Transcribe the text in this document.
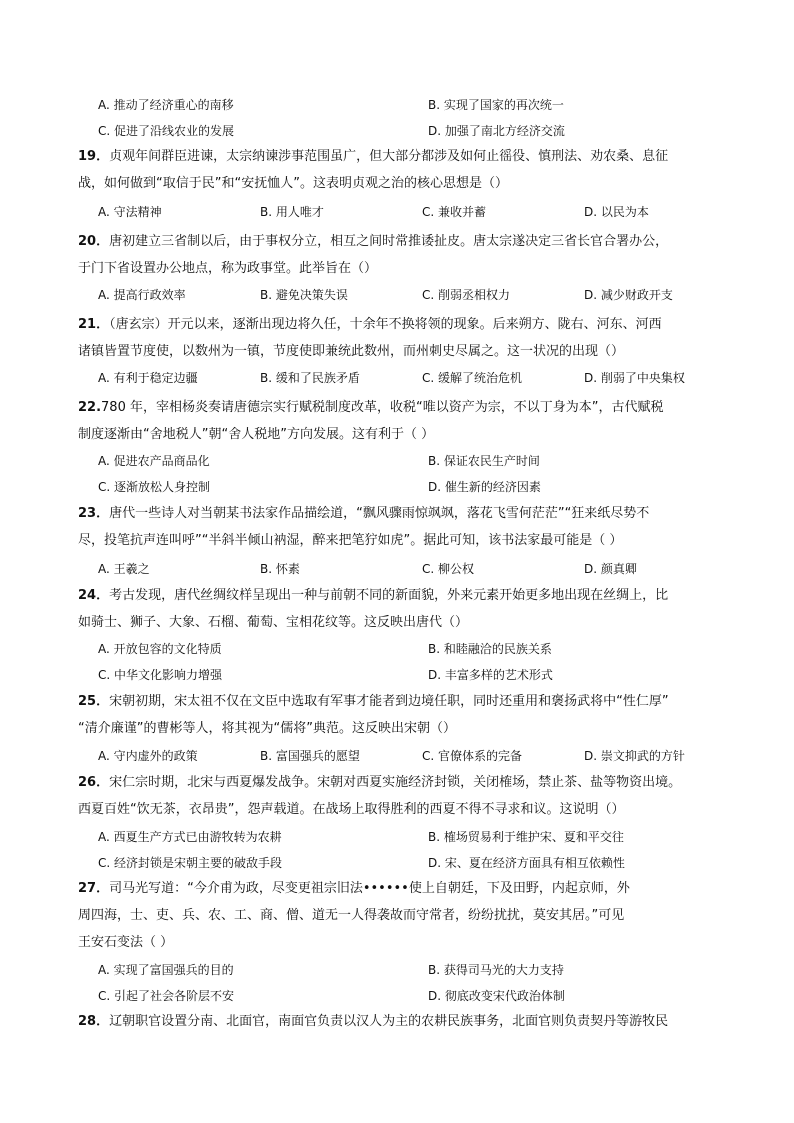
A. 推动了经济重心的南移	B. 实现了国家的再次统一
C. 促进了沿线农业的发展	D. 加强了南北方经济交流
19．贞观年间群臣进谏，太宗纳谏涉事范围虽广，但大部分都涉及如何止徭役、慎刑法、劝农桑、息征
战，如何做到“取信于民”和“安抚恤人”。这表明贞观之治的核心思想是（）
A. 守法精神	B. 用人唯才	C. 兼收并蓄	D. 以民为本
20．唐初建立三省制以后，由于事权分立，相互之间时常推诿扯皮。唐太宗遂决定三省长官合署办公，
于门下省设置办公地点，称为政事堂。此举旨在（）
A. 提高行政效率	B. 避免决策失误	C. 削弱丞相权力	D. 减少财政开支
21．（唐玄宗）开元以来，逐渐出现边将久任，十余年不换将领的现象。后来朔方、陇右、河东、河西
诸镇皆置节度使，以数州为一镇，节度使即兼统此数州，而州刺史尽属之。这一状况的出现（）
A. 有利于稳定边疆	B. 缓和了民族矛盾	C. 缓解了统治危机	D. 削弱了中央集权
22.780 年，宰相杨炎奏请唐德宗实行赋税制度改革，收税“唯以资产为宗，不以丁身为本”，古代赋税
制度逐渐由“舍地税人”朝“舍人税地”方向发展。这有利于（ ）
A. 促进农产品商品化	B. 保证农民生产时间
C. 逐渐放松人身控制	D. 催生新的经济因素
23．唐代一些诗人对当朝某书法家作品描绘道，“飘风骤雨惊飒飒，落花飞雪何茫茫”“狂来纸尽势不
尽，投笔抗声连叫呼”“半斜半倾山衲湿，醉来把笔狞如虎”。据此可知，该书法家最可能是（ ）
A. 王羲之	B. 怀素	C. 柳公权	D. 颜真卿
24．考古发现，唐代丝绸纹样呈现出一种与前朝不同的新面貌，外来元素开始更多地出现在丝绸上，比
如骑士、狮子、大象、石榴、葡萄、宝相花纹等。这反映出唐代（）
A. 开放包容的文化特质	B. 和睦融洽的民族关系
C. 中华文化影响力增强	D. 丰富多样的艺术形式
25．宋朝初期，宋太祖不仅在文臣中选取有军事才能者到边境任职，同时还重用和褒扬武将中“性仁厚”
“清介廉谨”的曹彬等人，将其视为“儒将”典范。这反映出宋朝（）
A. 守内虚外的政策	B. 富国强兵的愿望	C. 官僚体系的完备	D. 崇文抑武的方针
26．宋仁宗时期，北宋与西夏爆发战争。宋朝对西夏实施经济封锁，关闭榷场，禁止茶、盐等物资出境。
西夏百姓“饮无茶，衣昂贵”，怨声载道。在战场上取得胜利的西夏不得不寻求和议。这说明（）
A. 西夏生产方式已由游牧转为农耕	B. 榷场贸易利于维护宋、夏和平交往
C. 经济封锁是宋朝主要的破敌手段	D. 宋、夏在经济方面具有相互依赖性
27．司马光写道：“今介甫为政，尽变更祖宗旧法••••••使上自朝廷，下及田野，内起京师，外
周四海，士、吏、兵、农、工、商、僧、道无一人得袭故而守常者，纷纷扰扰，莫安其居。”可见
王安石变法（ ）
A. 实现了富国强兵的目的	B. 获得司马光的大力支持
C. 引起了社会各阶层不安	D. 彻底改变宋代政治体制
28．辽朝职官设置分南、北面官，南面官负责以汉人为主的农耕民族事务，北面官则负责契丹等游牧民
